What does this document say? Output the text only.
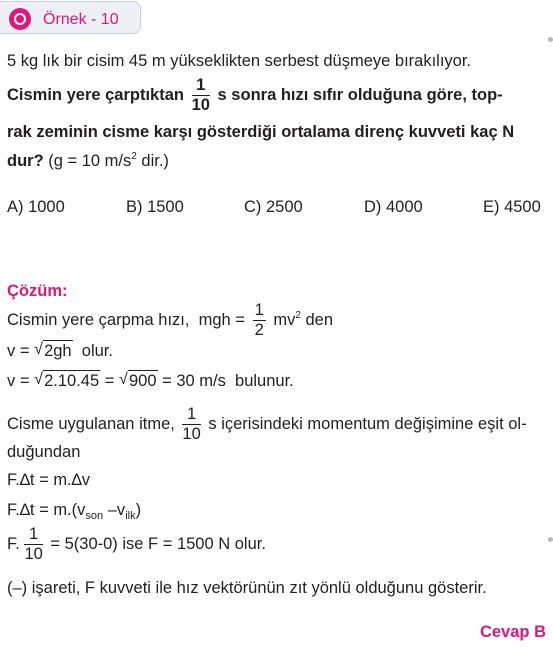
Örnek - 10
5 kg lık bir cisim 45 m yükseklikten serbest düşmeye bırakılıyor.
Cismin yere çarptıktan $\frac{1}{10}$ s sonra hızı sıfır olduğuna göre, top-
rak zeminin cisme karşı gösterdiği ortalama direnç kuvveti kaç N
dur? (g = 10 $m/s^2$ dir.)
A) 1000	B) 1500	C) 2500	D) 4000	E) 4500
Çözüm:
Cismin yere çarpma hızı, mgh = $\frac{1}{2} mv^2$ den
v = √ 2gh olur.
v = √ 2.10.45 = √ 900 = 30 m/s bulunur.
Cisme uygulanan itme, $\frac{1}{10}$ s içerisindeki momentum değişimine eşit ol-
duğundan
F.∆t = m.∆v
$F.\Delta t = m.(v_{son}$ $-v_{ilk}$)
F. $\frac{1}{10} = 5(30-0)$ ise F = 1500 N olur.
(–) işareti, F kuvveti ile hız vektörünün zıt yönlü olduğunu gösterir.
Cevap B
